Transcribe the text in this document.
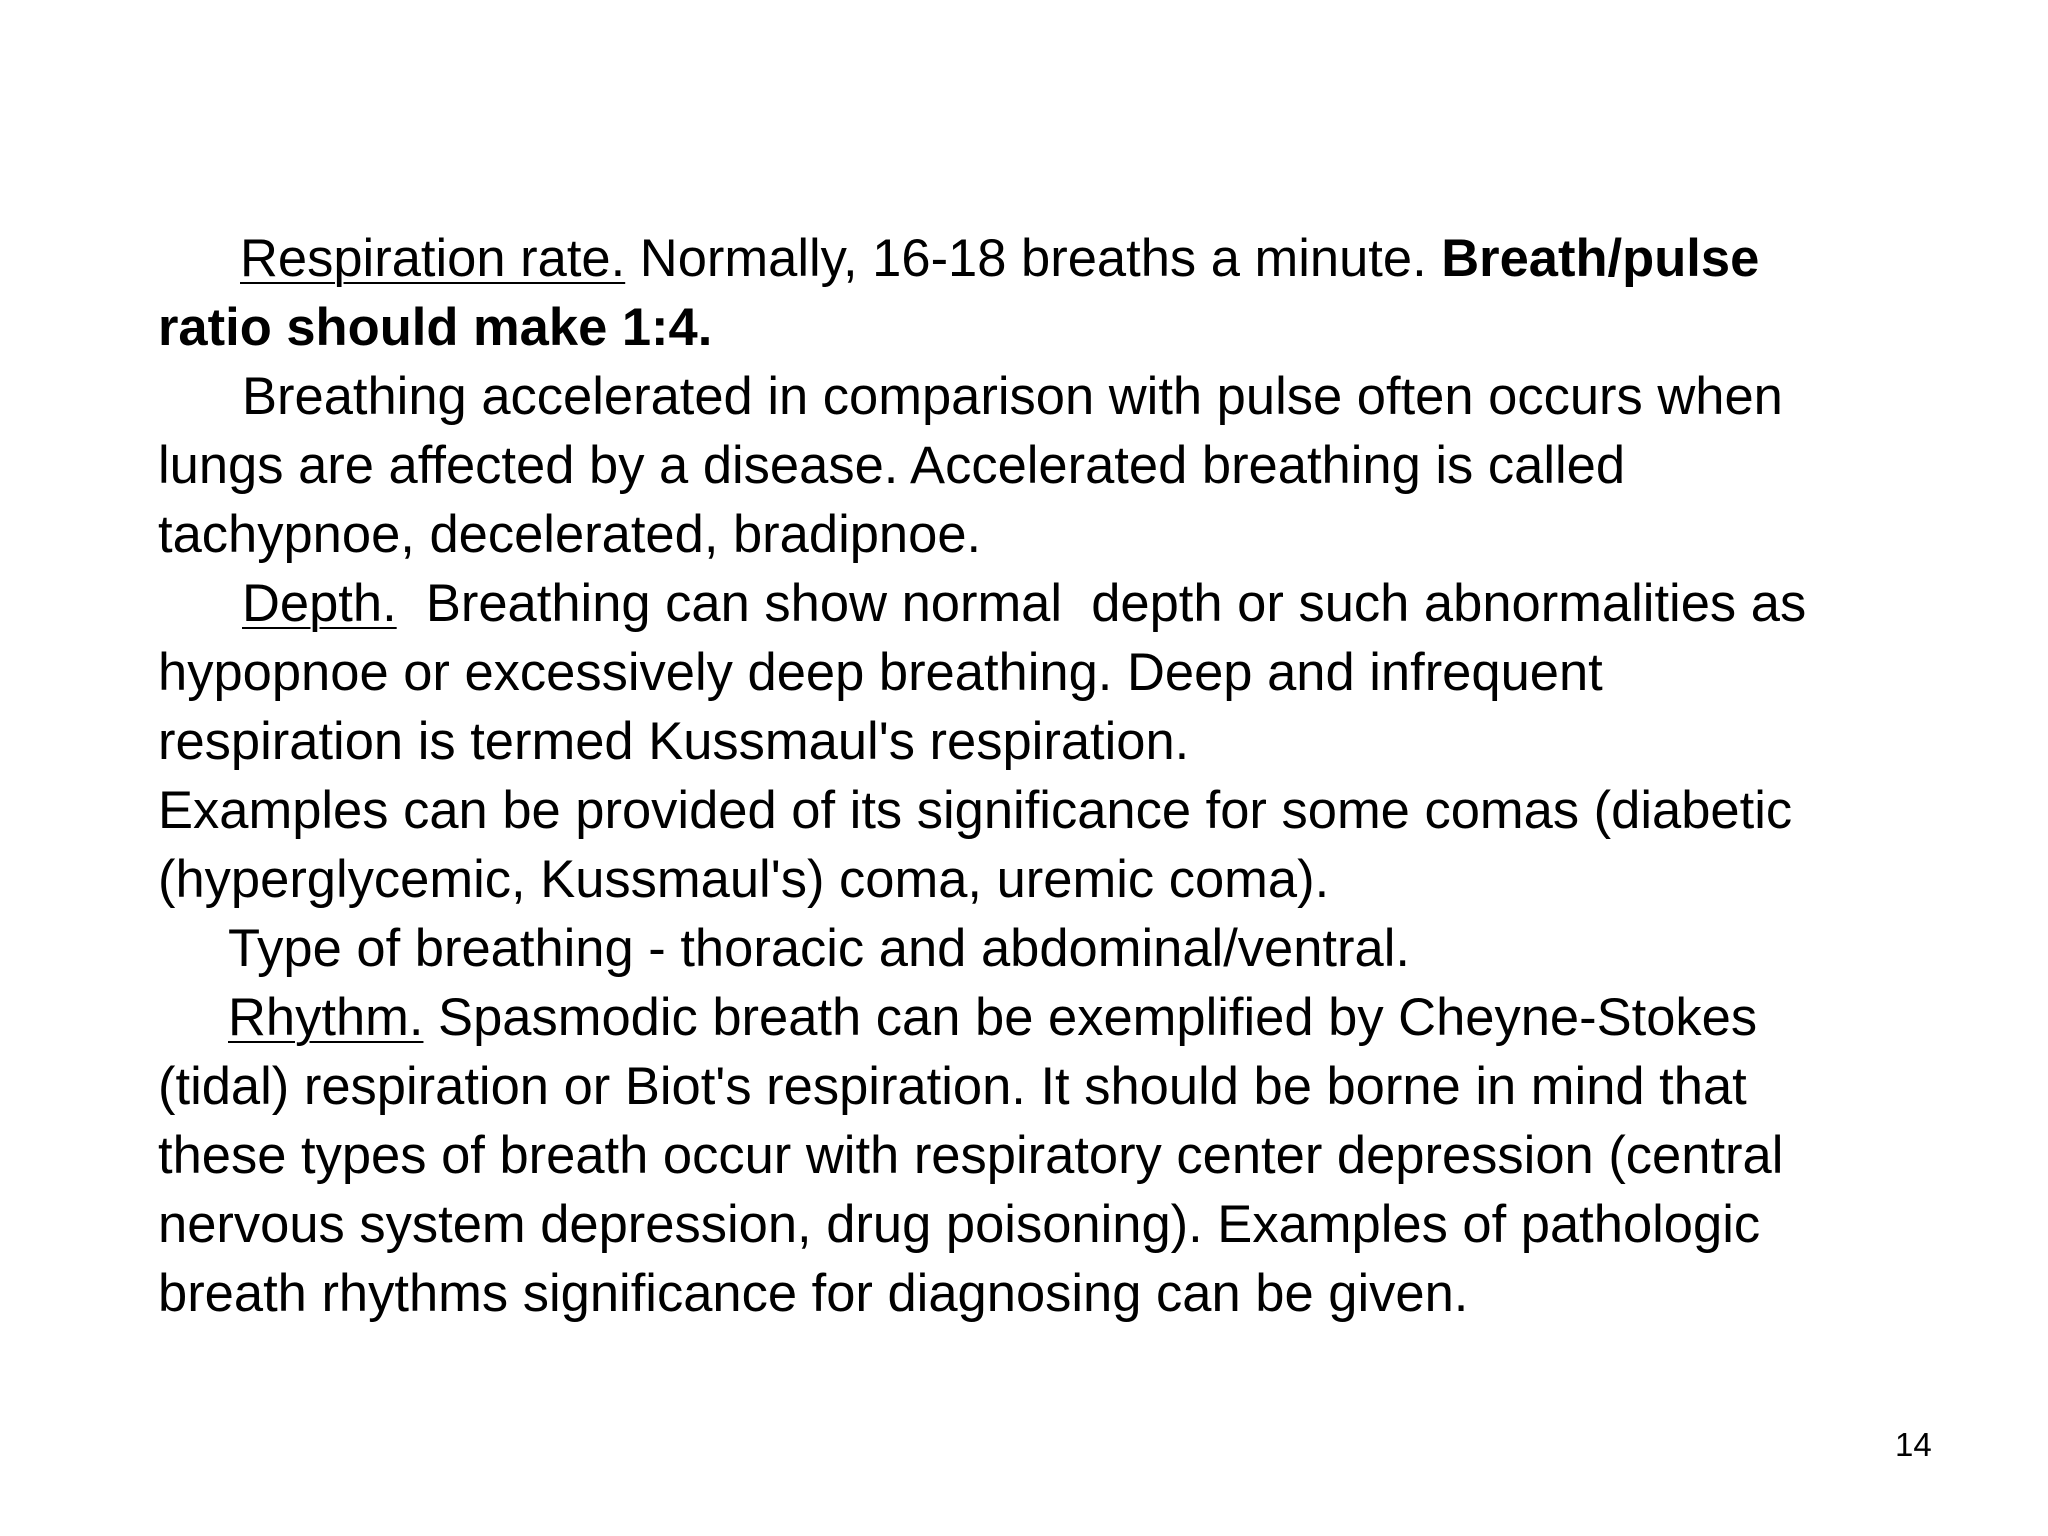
Respiration rate. Normally, 16-18 breaths a minute. Breath/pulse
ratio should make 1:4.
Breathing accelerated in comparison with pulse often occurs when
lungs are affected by a disease. Accelerated breathing is called
tachypnoe, decelerated, bradipnoe.
Depth.  Breathing can show normal  depth or such abnormalities as
hypopnoe or excessively deep breathing. Deep and infrequent
respiration is termed Kussmaul's respiration.
Examples can be provided of its significance for some comas (diabetic
(hyperglycemic, Kussmaul's) coma, uremic coma).
Type of breathing - thoracic and abdominal/ventral.
Rhythm. Spasmodic breath can be exemplified by Cheyne-Stokes
(tidal) respiration or Biot's respiration. It should be borne in mind that
these types of breath occur with respiratory center depression (central
nervous system depression, drug poisoning). Examples of pathologic
breath rhythms significance for diagnosing can be given.
14
